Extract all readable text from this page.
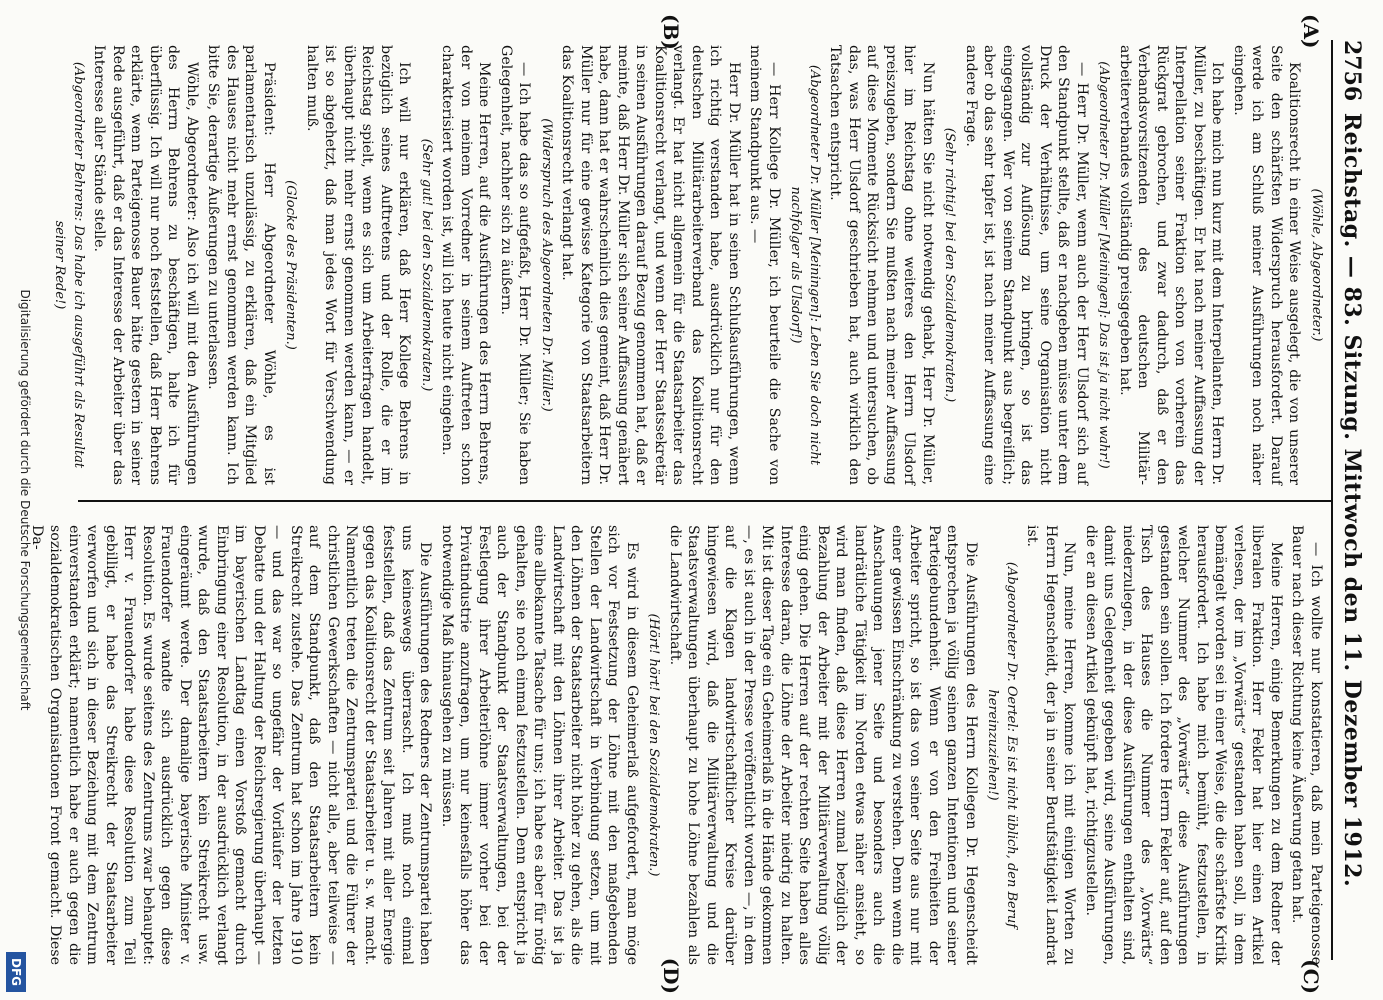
2756
Reichstag. — 83. Sitzung. Mittwoch den 11. Dezember 1912.
(A)
(B)
(C)
(D)

(Wöhle, Abgeordneter.)

Koalitionsrecht in einer Weise ausgelegt, die von unserer Seite den schärfsten Widerspruch herausfordert. Darauf werde ich am Schluß meiner Ausführungen noch näher eingehen.

Ich habe mich nun kurz mit dem Interpellanten, Herrn Dr. Müller, zu beschäftigen. Er hat nach meiner Auffassung der Interpellation seiner Fraktion schon von vorherein das Rückgrat gebrochen, und zwar dadurch, daß er den Verbandsvorsitzenden des deutschen Militär-arbeiterverbandes vollständig preisgegeben hat.

(Abgeordneter Dr. Müller [Meiningen]: Das ist ja nicht wahr!)

— Herr Dr. Müller, wenn auch der Herr Ulsdorf sich auf den Standpunkt stellte, daß er nachgeben müsse unter dem Druck der Verhältnisse, um seine Organisation nicht vollständig zur Auflösung zu bringen, so ist das eingegangen. Wer von seinem Standpunkt aus begreiflich; aber ob das sehr tapfer ist, ist nach meiner Auffassung eine andere Frage.

(Sehr richtig! bei den Sozialdemokraten.)

Nun hätten Sie nicht notwendig gehabt, Herr Dr. Müller, hier im Reichstag ohne weiteres den Herrn Ulsdorf preiszugeben, sondern Sie mußten nach meiner Auffassung auf diese Momente Rücksicht nehmen und untersuchen, ob das, was Herr Ulsdorf geschrieben hat, auch wirklich den Tatsachen entspricht.

(Abgeordneter Dr. Müller [Meiningen]: Leben Sie doch nicht nachfolger als Ulsdorf!)

— Herr Kollege Dr. Müller, ich beurteile die Sache von meinem Standpunkt aus. —

Herr Dr. Müller hat in seinen Schlußausführungen, wenn ich richtig verstanden habe, ausdrücklich nur für den deutschen Militärarbeiterverband das Koalitionsrecht verlangt. Er hat nicht allgemein für die Staatsarbeiter das Koalitionsrecht verlangt, und wenn der Herr Staatssekretär in seinen Ausführungen darauf Bezug genommen hat, daß er meinte, daß Herr Dr. Müller sich seiner Auffassung genähert habe, dann hat er wahrscheinlich dies gemeint, daß Herr Dr. Müller nur für eine gewisse Kategorie von Staatsarbeitern das Koalitionsrecht verlangt hat.

(Widerspruch des Abgeordneten Dr. Müller.)

— Ich habe das so aufgefaßt, Herr Dr. Müller; Sie haben Gelegenheit, nachher sich zu äußern.

Meine Herren, auf die Ausführungen des Herrn Behrens, der von meinem Vorredner in seinem Auftreten schon charakterisiert worden ist, will ich heute nicht eingehen.

(Sehr gut! bei den Sozialdemokraten.)

Ich will nur erklären, daß Herr Kollege Behrens in bezüglich seines Auftretens und der Rolle, die er im Reichstag spielt, wenn es sich um Arbeiterfragen handelt, überhaupt nicht mehr ernst genommen werden kann, — er ist so abgehetzt, daß man jedes Wort für Verschwendung halten muß.

(Glocke des Präsidenten.)

Präsident: Herr Abgeordneter Wöhle, es ist parlamentarisch unzulässig, zu erklären, daß ein Mitglied des Hauses nicht mehr ernst genommen werden kann. Ich bitte Sie, derartige Äußerungen zu unterlassen.

Wöhle, Abgeordneter: Also ich will mit den Ausführungen des Herrn Behrens zu beschäftigen, halte ich für überflüssig. Ich will nur noch feststellen, daß Herr Behrens erklärte, wenn Parteigenosse Bauer hätte gestern in seiner Rede ausgeführt, daß er das Interesse der Arbeiter über das Interesse aller Stände stelle.

(Abgeordneter Behrens: Das habe ich ausgeführt als Resultat seiner Rede!)

— Ich wollte nur konstatieren, daß mein Parteigenosse Bauer nach dieser Richtung keine Äußerung getan hat.

Meine Herren, einige Bemerkungen zu dem Redner der liberalen Fraktion. Herr Fekler hat hier einen Artikel verlesen, der im „Vorwärts“ gestanden haben soll, in dem bemängelt worden sei in einer Weise, die die schärfste Kritik herausfordert. Ich habe mich bemüht, festzustellen, in welcher Nummer des „Vorwärts“ diese Ausführungen gestanden sein sollen. Ich fordere Herrn Fekler auf, auf den Tisch des Hauses die Nummer des „Vorwärts“ niederzulegen, in der diese Ausführungen enthalten sind, damit uns Gelegenheit gegeben wird, seine Ausführungen, die er an diesen Artikel geknüpft hat, richtigzustellen.

Nun, meine Herren, komme ich mit einigen Worten zu Herrn Hegenscheidt, der ja in seiner Berufstätigkeit Landrat ist.

(Abgeordneter Dr. Oertel: Es ist nicht üblich, den Beruf hereinzuziehen!)

Die Ausführungen des Herrn Kollegen Dr. Hegenscheidt entsprechen ja völlig seinen ganzen Intentionen und seiner Parteigebundenheit. Wenn er von den Freiheiten der Arbeiter spricht, so ist das von seiner Seite aus nur mit einer gewissen Einschränkung zu verstehen. Denn wenn die Anschauungen jener Seite und besonders auch die landrätliche Tätigkeit im Norden etwas näher ansieht, so wird man finden, daß diese Herren zumal bezüglich der Bezahlung der Arbeiter mit der Militärverwaltung völlig einig gehen. Die Herren auf der rechten Seite haben alles Interesse daran, die Löhne der Arbeiter niedrig zu halten. Mit ist dieser Tage ein Geheimerlaß in die Hände gekommen —, es ist auch in der Presse veröffentlicht worden —, in dem auf die Klagen landwirtschaftlicher Kreise darüber hingewiesen wird, daß die Militärverwaltung und die Staatsverwaltungen überhaupt zu hohe Löhne bezahlen als die Landwirtschaft.

(Hört! hört! bei den Sozialdemokraten.)

Es wird in diesem Geheimerlaß aufgefordert, man möge sich vor Festsetzung der Löhne mit den maßgebenden Stellen der Landwirtschaft in Verbindung setzen, um mit den Löhnen der Staatsarbeiter nicht höher zu gehen, als die Landwirtschaft mit den Löhnen ihrer Arbeiter. Das ist ja eine allbekannte Tatsache für uns; ich habe es aber für nötig gehalten, sie noch einmal festzustellen. Denn entspricht ja auch der Standpunkt der Staatsverwaltungen, bei der Festlegung ihrer Arbeiterlöhne immer vorher bei der Privatindustrie anzufragen, um nur keinesfalls höher das notwendige Maß hinausgehen zu müssen.

Die Ausführungen des Redners der Zentrumspartei haben uns keineswegs überrascht. Ich muß noch einmal feststellen, daß das Zentrum seit Jahren mit aller Energie gegen das Koalitionsrecht der Staatsarbeiter u. s. w. macht. Namentlich treten die Zentrumspartei und die Führer der christlichen Gewerkschaften — nicht alle, aber teilweise — auf dem Standpunkt, daß den Staatsarbeitern kein Streikrecht zustehe. Das Zentrum hat schon im Jahre 1910 — und das war so ungefähr der Vorläufer der letzten Debatte und der Haltung der Reichsregierung überhaupt — im bayerischen Landtag einen Vorstoß gemacht durch Einbringung einer Resolution, in der ausdrücklich verlangt wurde, daß den Staatsarbeitern kein Streikrecht usw. eingeräumt werde. Der damalige bayerische Minister v. Frauendorfer wandte sich ausdrücklich gegen diese Resolution. Es wurde seitens des Zentrums zwar behauptet: Herr v. Frauendorfer habe diese Resolution zum Teil gebilligt, er habe das Streikrecht der Staatsarbeiter verworfen und sich in dieser Beziehung mit dem Zentrum einverstanden erklärt; namentlich habe er auch gegen die sozialdemokratischen Organisationen Front gemacht. Diese Da-

Digitalisierung gefördert durch die Deutsche Forschungsgemeinschaft
DFG
